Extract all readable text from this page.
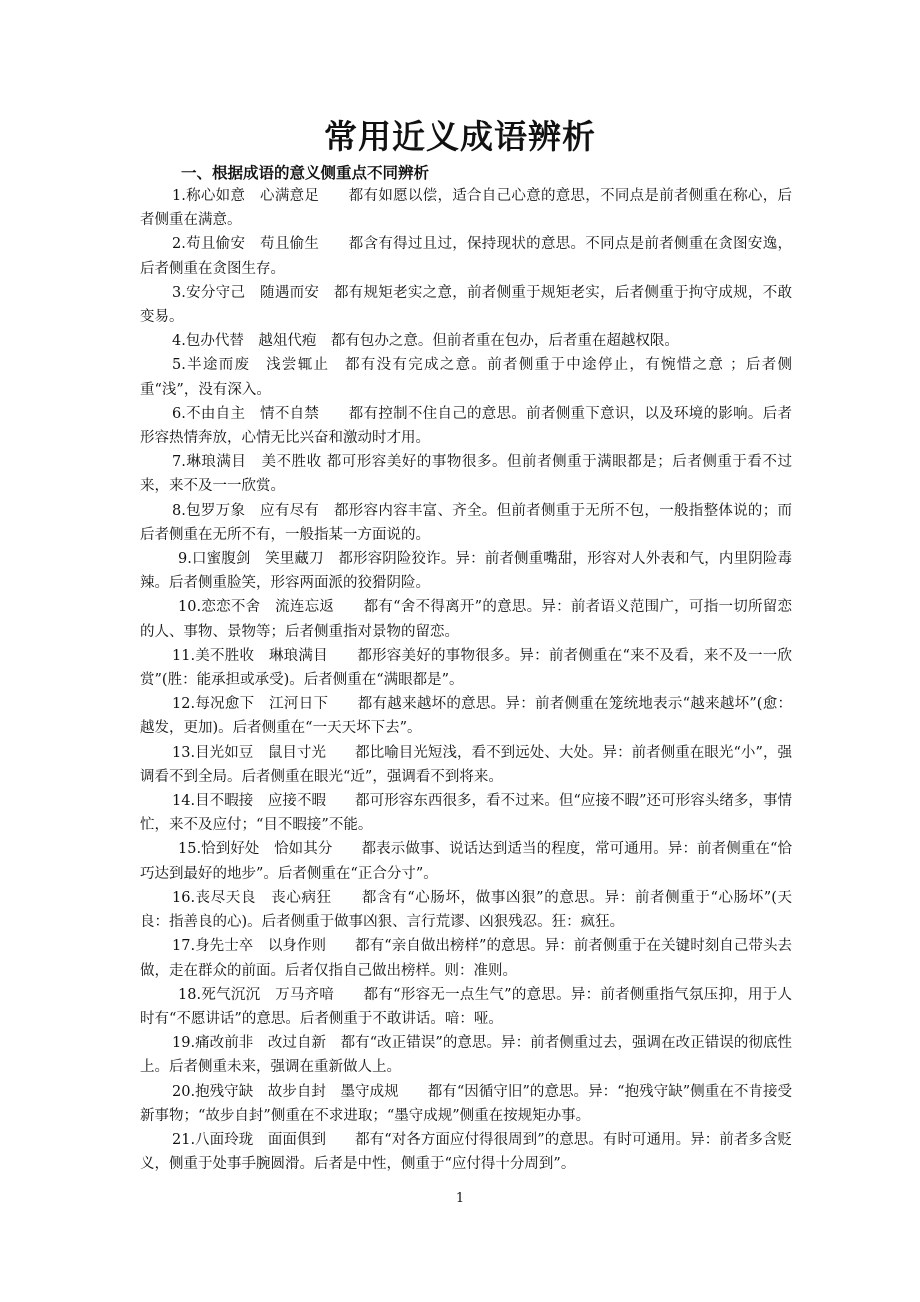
常用近义成语辨析
一、根据成语的意义侧重点不同辨析

1.称心如意　心满意足　　都有如愿以偿，适合自己心意的意思，不同点是前者侧重在称心，后者侧重在满意。

2.苟且偷安　苟且偷生　　都含有得过且过，保持现状的意思。不同点是前者侧重在贪图安逸，后者侧重在贪图生存。

3.安分守己　随遇而安　都有规矩老实之意，前者侧重于规矩老实，后者侧重于拘守成规，不敢变易。

4.包办代替　越俎代疱　都有包办之意。但前者重在包办，后者重在超越权限。

5.半途而废　浅尝辄止　都有没有完成之意。前者侧重于中途停止，有惋惜之意 ；后者侧重“浅”，没有深入。

6.不由自主　情不自禁　　都有控制不住自己的意思。前者侧重下意识，以及环境的影响。后者形容热情奔放，心情无比兴奋和激动时才用。

7.琳琅满目　美不胜收 都可形容美好的事物很多。但前者侧重于满眼都是；后者侧重于看不过来，来不及一一欣赏。

8.包罗万象　应有尽有　都形容内容丰富、齐全。但前者侧重于无所不包，一般指整体说的；而后者侧重在无所不有，一般指某一方面说的。

9.口蜜腹剑　笑里藏刀　都形容阴险狡诈。异：前者侧重嘴甜，形容对人外表和气，内里阴险毒辣。后者侧重脸笑，形容两面派的狡猾阴险。

10.恋恋不舍　流连忘返　　都有“舍不得离开”的意思。异：前者语义范围广，可指一切所留恋的人、事物、景物等；后者侧重指对景物的留恋。

11.美不胜收　琳琅满目　　都形容美好的事物很多。异：前者侧重在“来不及看，来不及一一欣赏”(胜：能承担或承受)。后者侧重在“满眼都是”。

12.每况愈下　江河日下　　都有越来越坏的意思。异：前者侧重在笼统地表示“越来越坏”(愈：越发，更加)。后者侧重在“一天天坏下去”。

13.目光如豆　鼠目寸光　　都比喻目光短浅，看不到远处、大处。异：前者侧重在眼光“小”，强调看不到全局。后者侧重在眼光“近”，强调看不到将来。

14.目不暇接　应接不暇　　都可形容东西很多，看不过来。但“应接不暇”还可形容头绪多，事情忙，来不及应付；“目不暇接”不能。

15.恰到好处　恰如其分　　都表示做事、说话达到适当的程度，常可通用。异：前者侧重在“恰巧达到最好的地步”。后者侧重在“正合分寸”。

16.丧尽天良　丧心病狂　　都含有“心肠坏，做事凶狠”的意思。异：前者侧重于“心肠坏”(天良：指善良的心)。后者侧重于做事凶狠、言行荒谬、凶狠残忍。狂：疯狂。

17.身先士卒　以身作则　　都有“亲自做出榜样”的意思。异：前者侧重于在关键时刻自己带头去做，走在群众的前面。后者仅指自己做出榜样。则：准则。

18.死气沉沉　万马齐喑　　都有“形容无一点生气”的意思。异：前者侧重指气氛压抑，用于人时有“不愿讲话”的意思。后者侧重于不敢讲话。喑：哑。

19.痛改前非　改过自新　都有“改正错误”的意思。异：前者侧重过去，强调在改正错误的彻底性上。后者侧重未来，强调在重新做人上。

20.抱残守缺　故步自封　墨守成规　　都有“因循守旧”的意思。异：“抱残守缺”侧重在不肯接受新事物；“故步自封”侧重在不求进取；“墨守成规”侧重在按规矩办事。

21.八面玲珑　面面俱到　　都有“对各方面应付得很周到”的意思。有时可通用。异：前者多含贬义，侧重于处事手腕圆滑。后者是中性，侧重于“应付得十分周到”。

1
